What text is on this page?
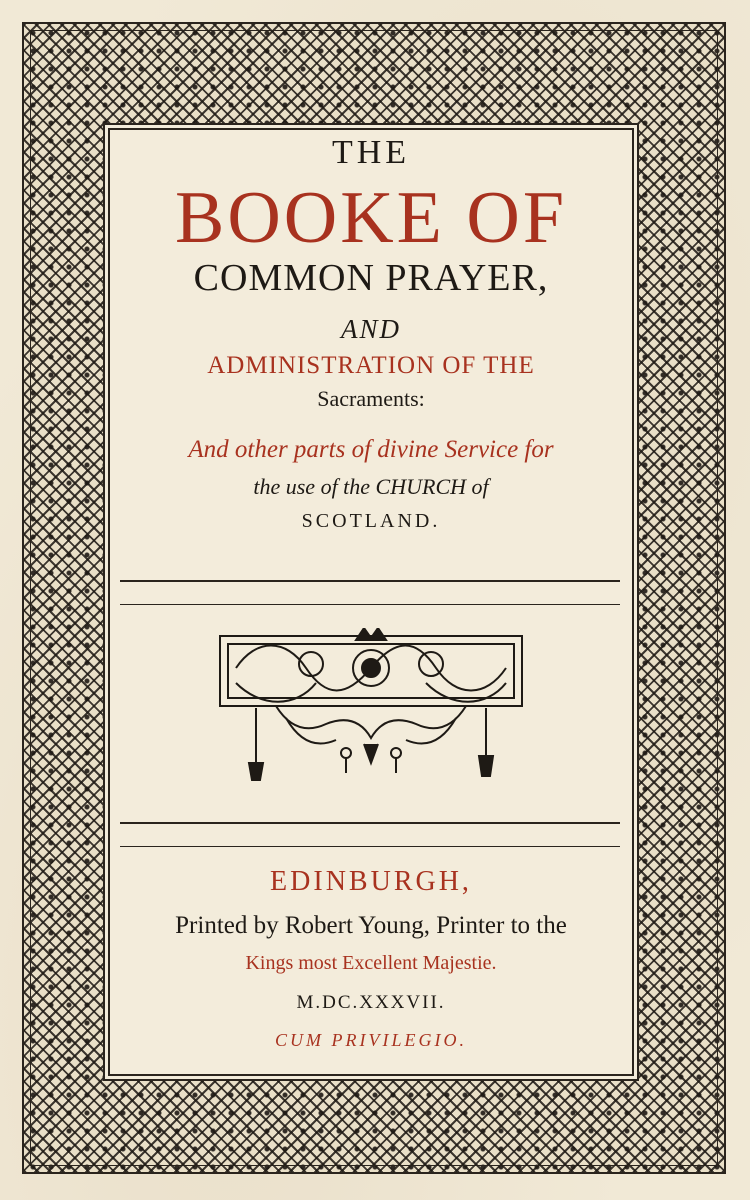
THE
BOOKE OF
COMMON PRAYER,
AND
ADMINISTRATION OF THE
Sacraments:
And other parts of divine Service for
the use of the CHURCH of
SCOTLAND.
EDINBURGH,
Printed by Robert Young, Printer to the
Kings most Excellent Majestie.
M.DC.XXXVII.
CUM PRIVILEGIO.
